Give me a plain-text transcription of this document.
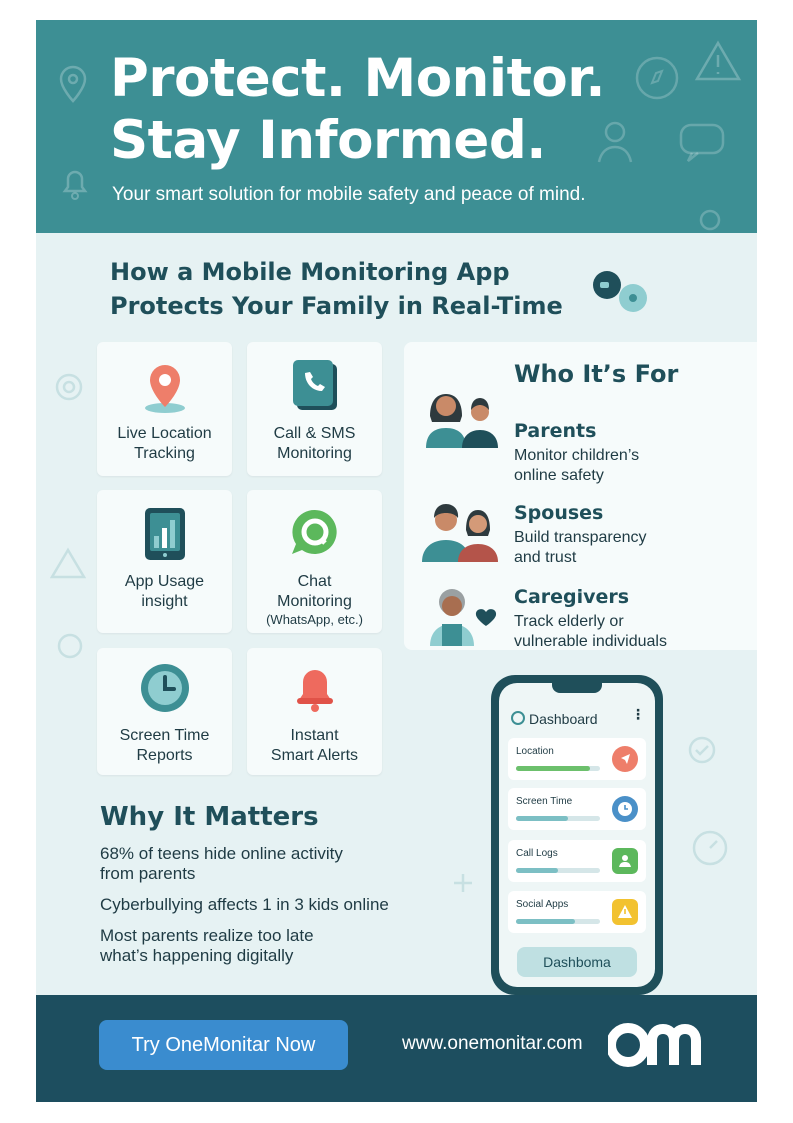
Protect. Monitor.
Stay Informed.
Your smart solution for mobile safety and peace of mind.
How a Mobile Monitoring App
Protects Your Family in Real-Time
Live Location
Tracking
Call & SMS
Monitoring
App Usage
insight
Chat
Monitoring
(WhatsApp, etc.)
Screen Time
Reports
Instant
Smart Alerts
Who It’s For
Parents
Monitor children’s
online safety
Spouses
Build transparency
and trust
Caregivers
Track elderly or
vulnerable individuals
Why It Matters
68% of teens hide online activity
from parents
Cyberbullying affects 1 in 3 kids online
Most parents realize too late
what’s happening digitally
Dashboard ⋮
Location
Screen Time
Call Logs
Social Apps
Dashboma
Try OneMonitar Now	www.onemonitar.com
